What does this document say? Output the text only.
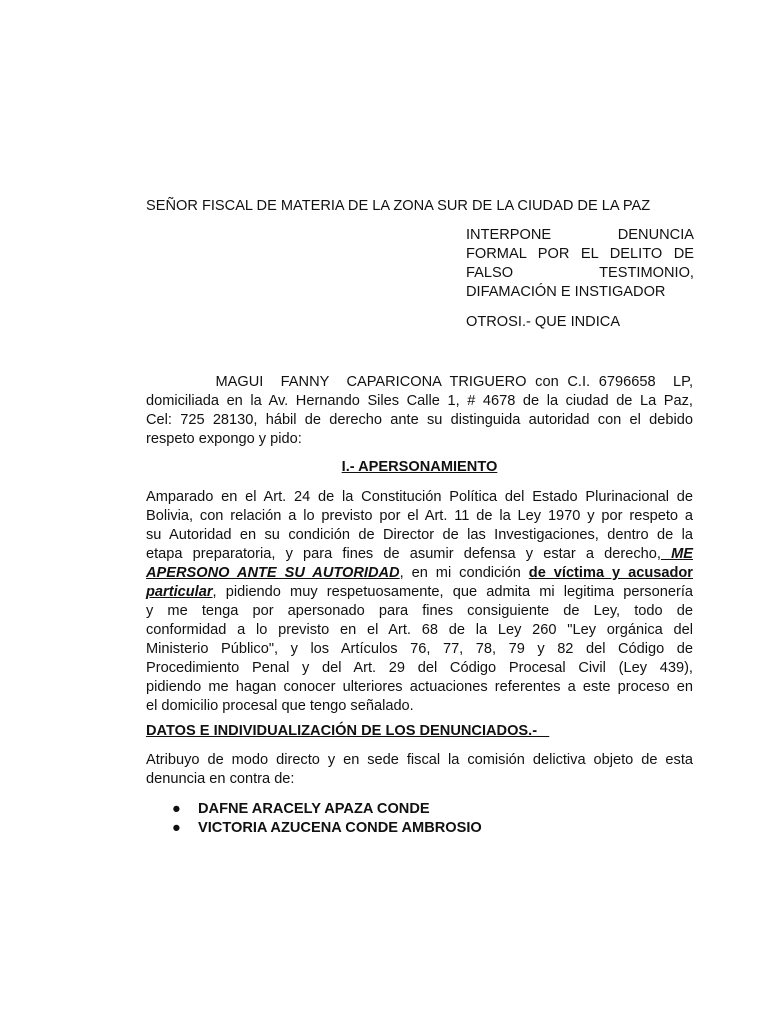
SEÑOR FISCAL DE MATERIA DE LA ZONA SUR DE LA CIUDAD DE LA PAZ
INTERPONE DENUNCIA
FORMAL POR EL DELITO DE
FALSO TESTIMONIO,
DIFAMACIÓN E INSTIGADOR
OTROSI.- QUE INDICA
MAGUI  FANNY  CAPARICONA TRIGUERO con C.I. 6796658  LP,
domiciliada en la Av. Hernando Siles Calle 1, # 4678 de la ciudad de La Paz,
Cel: 725 28130, hábil de derecho ante su distinguida autoridad con el debido
respeto expongo y pido:
I.- APERSONAMIENTO
Amparado en el Art. 24 de la Constitución Política del Estado Plurinacional de
Bolivia, con relación a lo previsto por el Art. 11 de la Ley 1970 y por respeto a
su Autoridad en su condición de Director de las Investigaciones, dentro de la
etapa preparatoria, y para fines de asumir defensa y estar a derecho, ME
APERSONO ANTE SU AUTORIDAD, en mi condición de víctima y acusador
particular, pidiendo muy respetuosamente, que admita mi legitima personería
y me tenga por apersonado para fines consiguiente de Ley, todo de
conformidad a lo previsto en el Art. 68 de la Ley 260 "Ley orgánica del
Ministerio Público", y los Artículos 76, 77, 78, 79 y 82 del Código de
Procedimiento Penal y del Art. 29 del Código Procesal Civil (Ley 439),
pidiendo me hagan conocer ulteriores actuaciones referentes a este proceso en
el domicilio procesal que tengo señalado.
DATOS E INDIVIDUALIZACIÓN DE LOS DENUNCIADOS.-
Atribuyo de modo directo y en sede fiscal la comisión delictiva objeto de esta
denuncia en contra de:
● DAFNE ARACELY APAZA CONDE
● VICTORIA AZUCENA CONDE AMBROSIO
